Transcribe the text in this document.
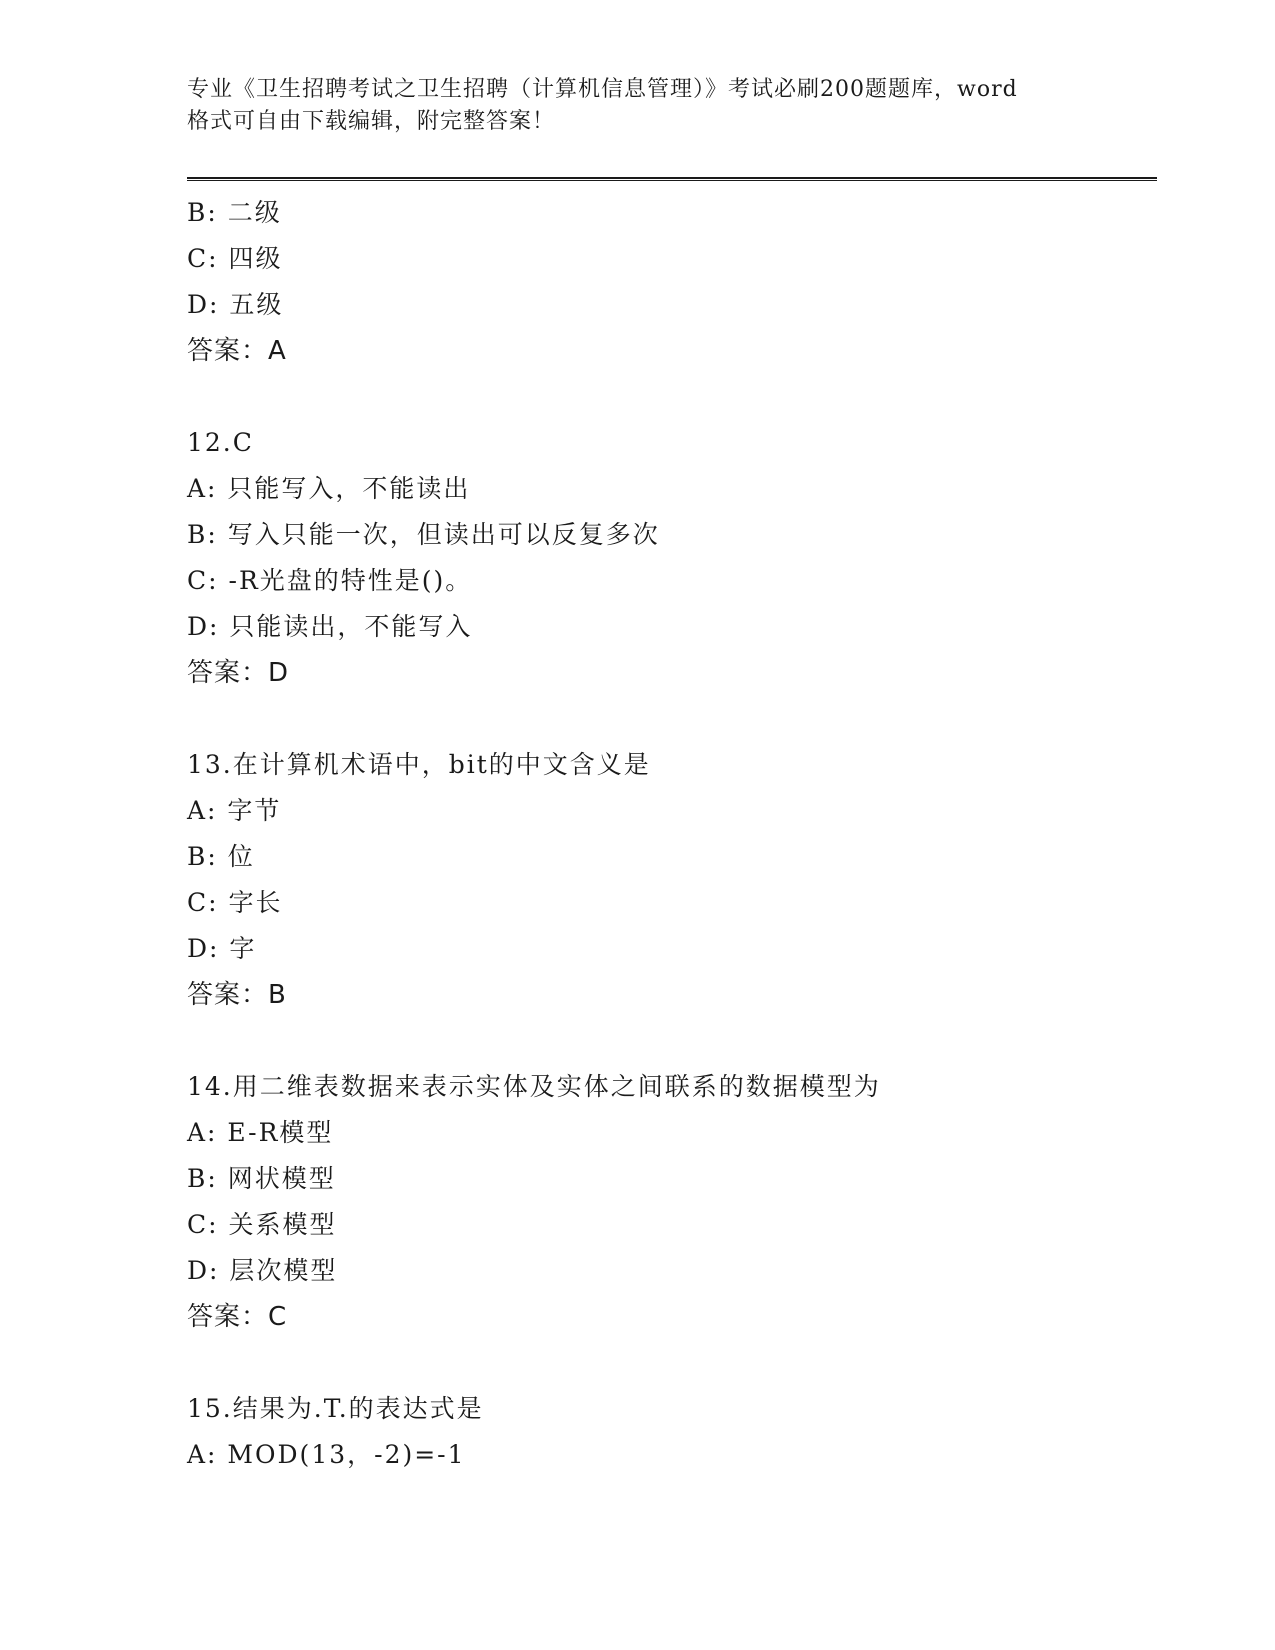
专业《卫生招聘考试之卫生招聘（计算机信息管理）》考试必刷200题题库，word
格式可自由下载编辑，附完整答案！
B: 二级
C: 四级
D: 五级
答案：A
12.C
A: 只能写入，不能读出
B: 写入只能一次，但读出可以反复多次
C: -R光盘的特性是()。
D: 只能读出，不能写入
答案：D
13.在计算机术语中，bit的中文含义是
A: 字节
B: 位
C: 字长
D: 字
答案：B
14.用二维表数据来表示实体及实体之间联系的数据模型为
A: E-R模型
B: 网状模型
C: 关系模型
D: 层次模型
答案：C
15.结果为.T.的表达式是
A: MOD(13，-2)=-1
